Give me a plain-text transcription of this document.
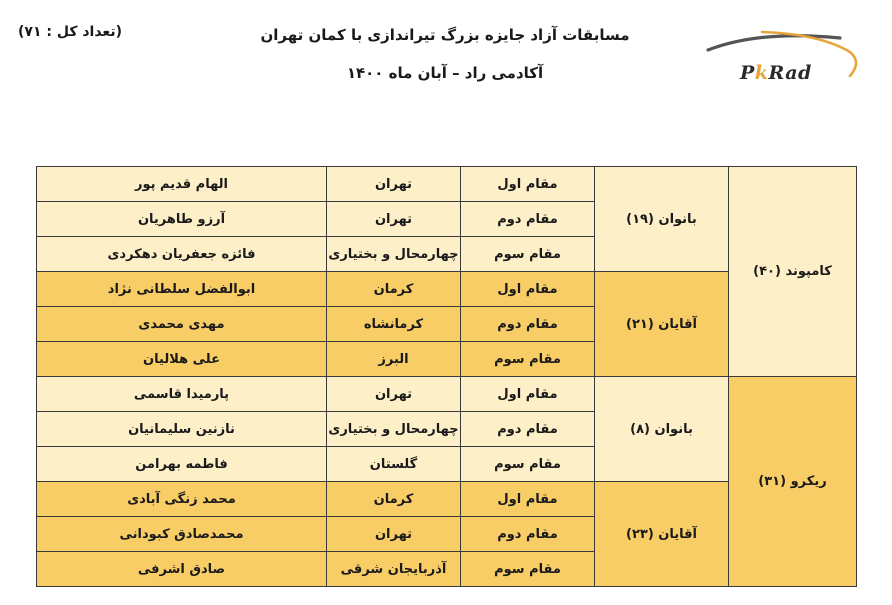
(تعداد کل : ۷۱)	مسابقات آزاد جایزه بزرگ تیراندازی با کمان تهران
آکادمی راد – آبان ماه ۱۴۰۰	PkRad
کامپوند (۴۰)	بانوان (۱۹)	مقام اول	تهران	الهام قدیم پور
		مقام دوم	تهران	آرزو طاهریان
		مقام سوم	چهارمحال و بختیاری	فائزه جعفریان دهکردی
	آقایان (۲۱)	مقام اول	کرمان	ابوالفضل سلطانی نژاد
		مقام دوم	کرمانشاه	مهدی محمدی
		مقام سوم	البرز	علی هلالیان
ریکرو (۳۱)	بانوان (۸)	مقام اول	تهران	پارمیدا قاسمی
		مقام دوم	چهارمحال و بختیاری	نازنین سلیمانیان
		مقام سوم	گلستان	فاطمه بهرامن
	آقایان (۲۳)	مقام اول	کرمان	محمد زنگی آبادی
		مقام دوم	تهران	محمدصادق کبودانی
		مقام سوم	آذربایجان شرقی	صادق اشرفی
